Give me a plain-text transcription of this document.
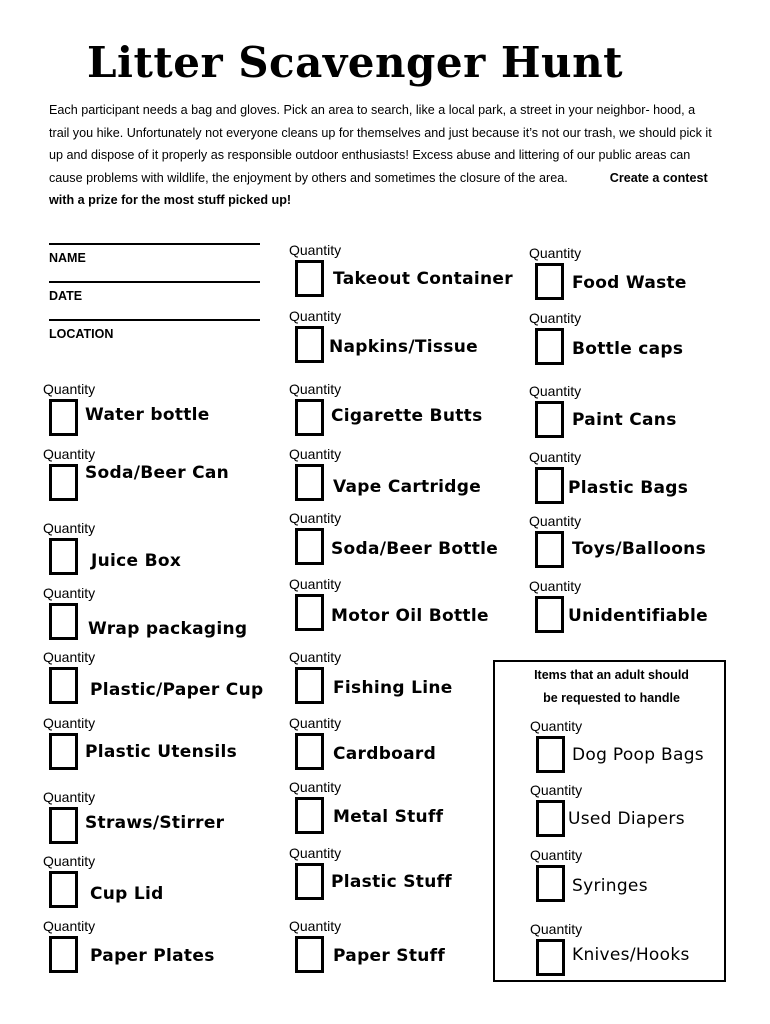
Litter Scavenger Hunt
Each participant needs a bag and gloves. Pick an area to search, like a local park, a street in your neighbor- hood, a trail you hike. Unfortunately not everyone cleans up for themselves and just because it’s not our trash, we should pick it up and dispose of it properly as responsible outdoor enthusiasts! Excess abuse and littering of our public areas can cause problems with wildlife, the enjoyment by others and sometimes the closure of the area.	Create a contest with a prize for the most stuff picked up!
NAME
DATE
LOCATION
Quantity
Water bottle
Quantity
Soda/Beer Can
Quantity
Juice Box
Quantity
Wrap packaging
Quantity
Plastic/Paper Cup
Quantity
Plastic Utensils
Quantity
Straws/Stirrer
Quantity
Cup Lid
Quantity
Paper Plates
Quantity
Takeout Container
Quantity
Napkins/Tissue
Quantity
Cigarette Butts
Quantity
Vape Cartridge
Quantity
Soda/Beer Bottle
Quantity
Motor Oil Bottle
Quantity
Fishing Line
Quantity
Cardboard
Quantity
Metal Stuff
Quantity
Plastic Stuff
Quantity
Paper Stuff
Quantity
Food Waste
Quantity
Bottle caps
Quantity
Paint Cans
Quantity
Plastic Bags
Quantity
Toys/Balloons
Quantity
Unidentifiable
Items that an adult should
be requested to handle
Quantity
Dog Poop Bags
Quantity
Used Diapers
Quantity
Syringes
Quantity
Knives/Hooks
